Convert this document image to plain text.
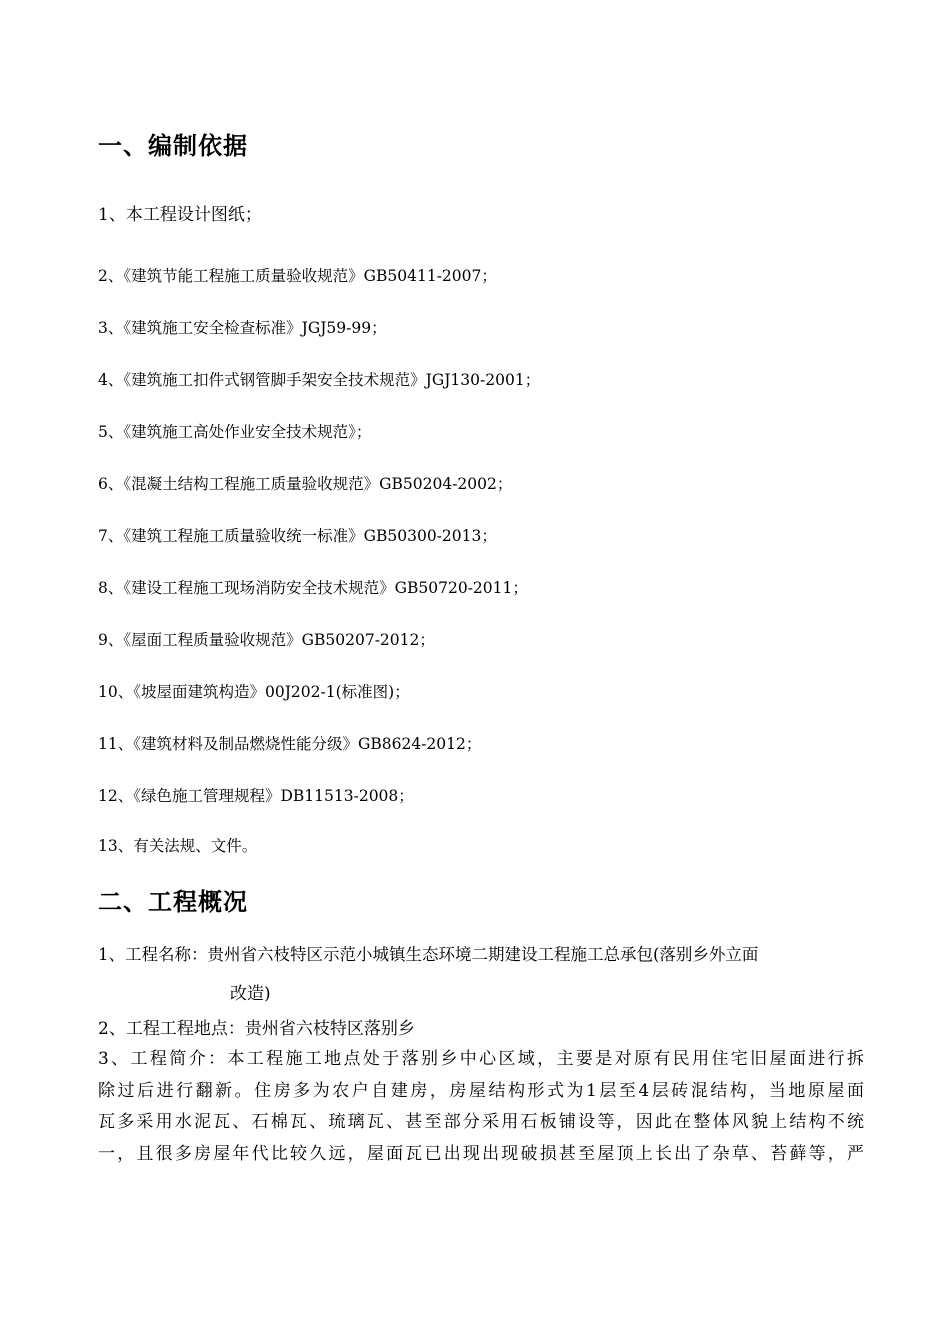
一、编制依据
1、本工程设计图纸；
2、《建筑节能工程施工质量验收规范》GB50411-2007；
3、《建筑施工安全检查标准》JGJ59-99；
4、《建筑施工扣件式钢管脚手架安全技术规范》JGJ130-2001；
5、《建筑施工高处作业安全技术规范》；
6、《混凝土结构工程施工质量验收规范》GB50204-2002；
7、《建筑工程施工质量验收统一标准》GB50300-2013；
8、《建设工程施工现场消防安全技术规范》GB50720-2011；
9、《屋面工程质量验收规范》GB50207-2012；
10、《坡屋面建筑构造》00J202-1(标准图)；
11、《建筑材料及制品燃烧性能分级》GB8624-2012；
12、《绿色施工管理规程》DB11513-2008；
13、有关法规、文件。
二、工程概况
1、工程名称：贵州省六枝特区示范小城镇生态环境二期建设工程施工总承包(落别乡外立面
改造)
2、工程工程地点：贵州省六枝特区落别乡
3、工程简介：本工程施工地点处于落别乡中心区域，主要是对原有民用住宅旧屋面进行拆
除过后进行翻新。住房多为农户自建房，房屋结构形式为1层至4层砖混结构，当地原屋面
瓦多采用水泥瓦、石棉瓦、琉璃瓦、甚至部分采用石板铺设等，因此在整体风貌上结构不统
一，且很多房屋年代比较久远，屋面瓦已出现出现破损甚至屋顶上长出了杂草、苔藓等，严
